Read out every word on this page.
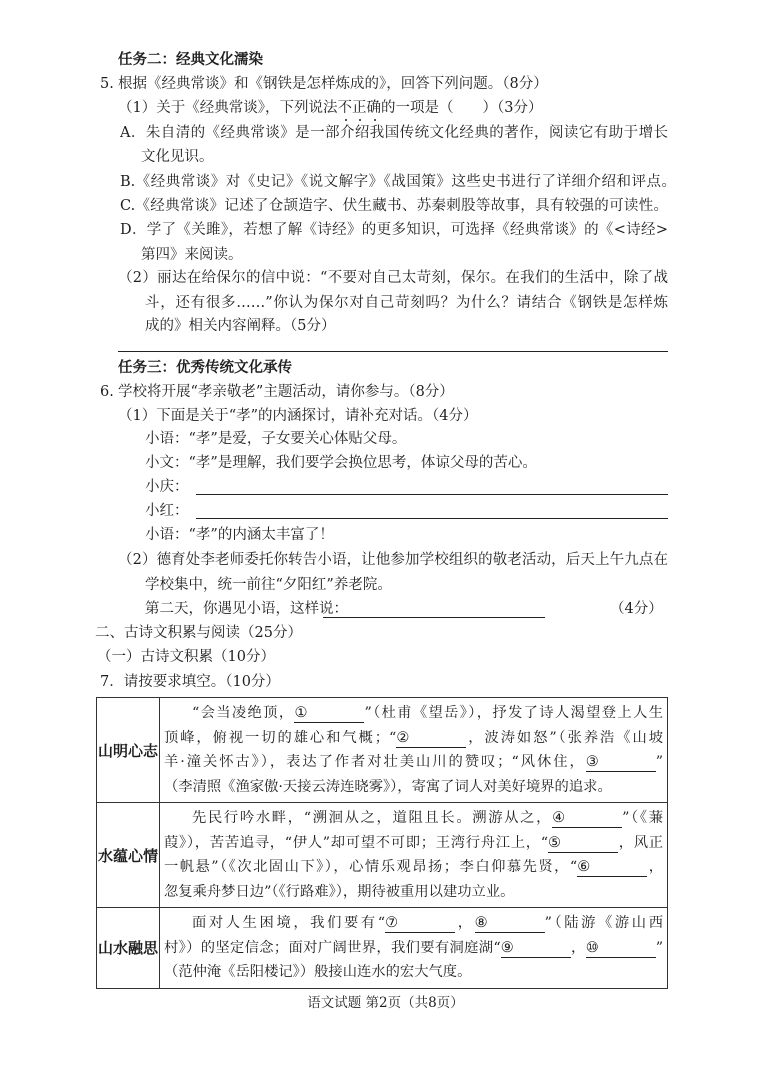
任务二：经典文化濡染
5. 根据《经典常谈》和《钢铁是怎样炼成的》，回答下列问题。（8分）
（1）关于《经典常谈》，下列说法不正确的一项是（　　）（3分）
A．朱自清的《经典常谈》是一部介绍我国传统文化经典的著作，阅读它有助于增长
文化见识。
B.《经典常谈》对《史记》《说文解字》《战国策》这些史书进行了详细介绍和评点。
C.《经典常谈》记述了仓颉造字、伏生藏书、苏秦刺股等故事，具有较强的可读性。
D．学了《关雎》，若想了解《诗经》的更多知识，可选择《经典常谈》的《<诗经>
第四》来阅读。
（2）丽达在给保尔的信中说：“不要对自己太苛刻，保尔。在我们的生活中，除了战
斗，还有很多……”你认为保尔对自己苛刻吗？为什么？请结合《钢铁是怎样炼
成的》相关内容阐释。（5分）
任务三：优秀传统文化承传
6. 学校将开展“孝亲敬老”主题活动，请你参与。（8分）
（1）下面是关于“孝”的内涵探讨，请补充对话。（4分）
小语：“孝”是爱，子女要关心体贴父母。
小文：“孝”是理解，我们要学会换位思考，体谅父母的苦心。
小庆：
小红：
小语：“孝”的内涵太丰富了！
（2）德育处李老师委托你转告小语，让他参加学校组织的敬老活动，后天上午九点在
学校集中，统一前往“夕阳红”养老院。
第二天，你遇见小语，这样说：	（4分）
二、古诗文积累与阅读（25分）
（一）古诗文积累（10分）
7．请按要求填空。（10分）
山明心志	“会当凌绝顶，① ”（杜甫《望岳》），抒发了诗人渴望登上人生
顶峰，俯视一切的雄心和气概；“② ，波涛如怒”（张养浩《山坡
羊·潼关怀古》），表达了作者对壮美山川的赞叹；“风休住，③ ”
（李清照《渔家傲·天接云涛连晓雾》），寄寓了词人对美好境界的追求。

水蕴心情	先民行吟水畔，“溯洄从之，道阻且长。溯游从之，④ ”（《蒹
葭》），苦苦追寻，“伊人”却可望不可即；王湾行舟江上，“⑤ ，风正
一帆悬”（《次北固山下》），心情乐观昂扬；李白仰慕先贤，“⑥ ，
忽复乘舟梦日边”（《行路难》），期待被重用以建功立业。

山水融思	面对人生困境，我们要有“⑦ ，⑧ ”（陆游《游山西
村》）的坚定信念；面对广阔世界，我们要有洞庭湖“⑨ ，⑩ ”
（范仲淹《岳阳楼记》）般接山连水的宏大气度。
语文试题 第2页（共8页）
